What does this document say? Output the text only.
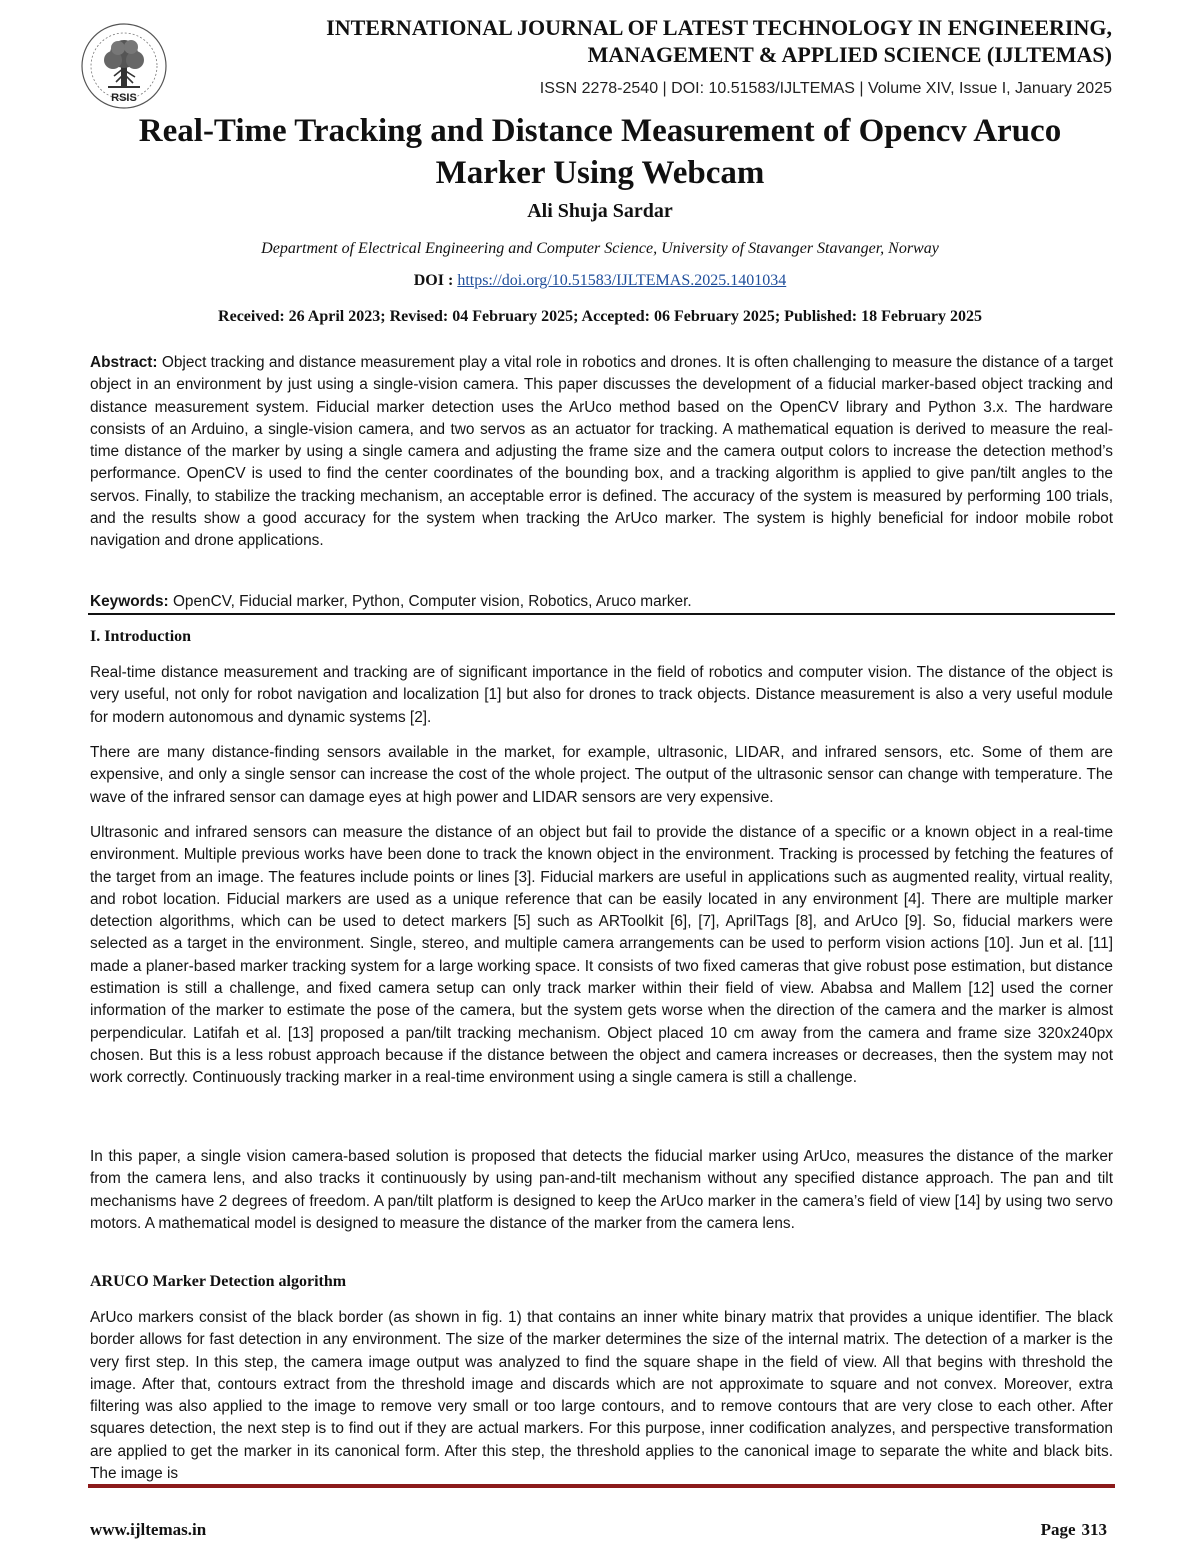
RSIS
INTERNATIONAL JOURNAL OF LATEST TECHNOLOGY IN ENGINEERING,
MANAGEMENT & APPLIED SCIENCE (IJLTEMAS)
ISSN 2278-2540 | DOI: 10.51583/IJLTEMAS | Volume XIV, Issue I, January 2025
Real-Time Tracking and Distance Measurement of Opencv Aruco
Marker Using Webcam
Ali Shuja Sardar
Department of Electrical Engineering and Computer Science, University of Stavanger Stavanger, Norway
DOI : https://doi.org/10.51583/IJLTEMAS.2025.1401034
Received: 26 April 2023; Revised: 04 February 2025; Accepted: 06 February 2025; Published: 18 February 2025
Abstract: Object tracking and distance measurement play a vital role in robotics and drones. It is often challenging to measure the distance of a target object in an environment by just using a single-vision camera. This paper discusses the development of a fiducial marker-based object tracking and distance measurement system. Fiducial marker detection uses the ArUco method based on the OpenCV library and Python 3.x. The hardware consists of an Arduino, a single-vision camera, and two servos as an actuator for tracking. A mathematical equation is derived to measure the real-time distance of the marker by using a single camera and adjusting the frame size and the camera output colors to increase the detection method’s performance. OpenCV is used to find the center coordinates of the bounding box, and a tracking algorithm is applied to give pan/tilt angles to the servos. Finally, to stabilize the tracking mechanism, an acceptable error is defined. The accuracy of the system is measured by performing 100 trials, and the results show a good accuracy for the system when tracking the ArUco marker. The system is highly beneficial for indoor mobile robot navigation and drone applications.
Keywords: OpenCV, Fiducial marker, Python, Computer vision, Robotics, Aruco marker.
I. Introduction
Real-time distance measurement and tracking are of significant importance in the field of robotics and computer vision. The distance of the object is very useful, not only for robot navigation and localization [1] but also for drones to track objects. Distance measurement is also a very useful module for modern autonomous and dynamic systems [2].
There are many distance-finding sensors available in the market, for example, ultrasonic, LIDAR, and infrared sensors, etc. Some of them are expensive, and only a single sensor can increase the cost of the whole project. The output of the ultrasonic sensor can change with temperature. The wave of the infrared sensor can damage eyes at high power and LIDAR sensors are very expensive.
Ultrasonic and infrared sensors can measure the distance of an object but fail to provide the distance of a specific or a known object in a real-time environment. Multiple previous works have been done to track the known object in the environment. Tracking is processed by fetching the features of the target from an image. The features include points or lines [3]. Fiducial markers are useful in applications such as augmented reality, virtual reality, and robot location. Fiducial markers are used as a unique reference that can be easily located in any environment [4]. There are multiple marker detection algorithms, which can be used to detect markers [5] such as ARToolkit [6], [7], AprilTags [8], and ArUco [9]. So, fiducial markers were selected as a target in the environment. Single, stereo, and multiple camera arrangements can be used to perform vision actions [10]. Jun et al. [11] made a planer-based marker tracking system for a large working space. It consists of two fixed cameras that give robust pose estimation, but distance estimation is still a challenge, and fixed camera setup can only track marker within their field of view. Ababsa and Mallem [12] used the corner information of the marker to estimate the pose of the camera, but the system gets worse when the direction of the camera and the marker is almost perpendicular. Latifah et al. [13] proposed a pan/tilt tracking mechanism. Object placed 10 cm away from the camera and frame size 320x240px chosen. But this is a less robust approach because if the distance between the object and camera increases or decreases, then the system may not work correctly. Continuously tracking marker in a real-time environment using a single camera is still a challenge.
In this paper, a single vision camera-based solution is proposed that detects the fiducial marker using ArUco, measures the distance of the marker from the camera lens, and also tracks it continuously by using pan-and-tilt mechanism without any specified distance approach. The pan and tilt mechanisms have 2 degrees of freedom. A pan/tilt platform is designed to keep the ArUco marker in the camera’s field of view [14] by using two servo motors. A mathematical model is designed to measure the distance of the marker from the camera lens.
ARUCO Marker Detection algorithm
ArUco markers consist of the black border (as shown in fig. 1) that contains an inner white binary matrix that provides a unique identifier. The black border allows for fast detection in any environment. The size of the marker determines the size of the internal matrix. The detection of a marker is the very first step. In this step, the camera image output was analyzed to find the square shape in the field of view. All that begins with threshold the image. After that, contours extract from the threshold image and discards which are not approximate to square and not convex. Moreover, extra filtering was also applied to the image to remove very small or too large contours, and to remove contours that are very close to each other. After squares detection, the next step is to find out if they are actual markers. For this purpose, inner codification analyzes, and perspective transformation are applied to get the marker in its canonical form. After this step, the threshold applies to the canonical image to separate the white and black bits. The image is
www.ijltemas.in	Page 313
